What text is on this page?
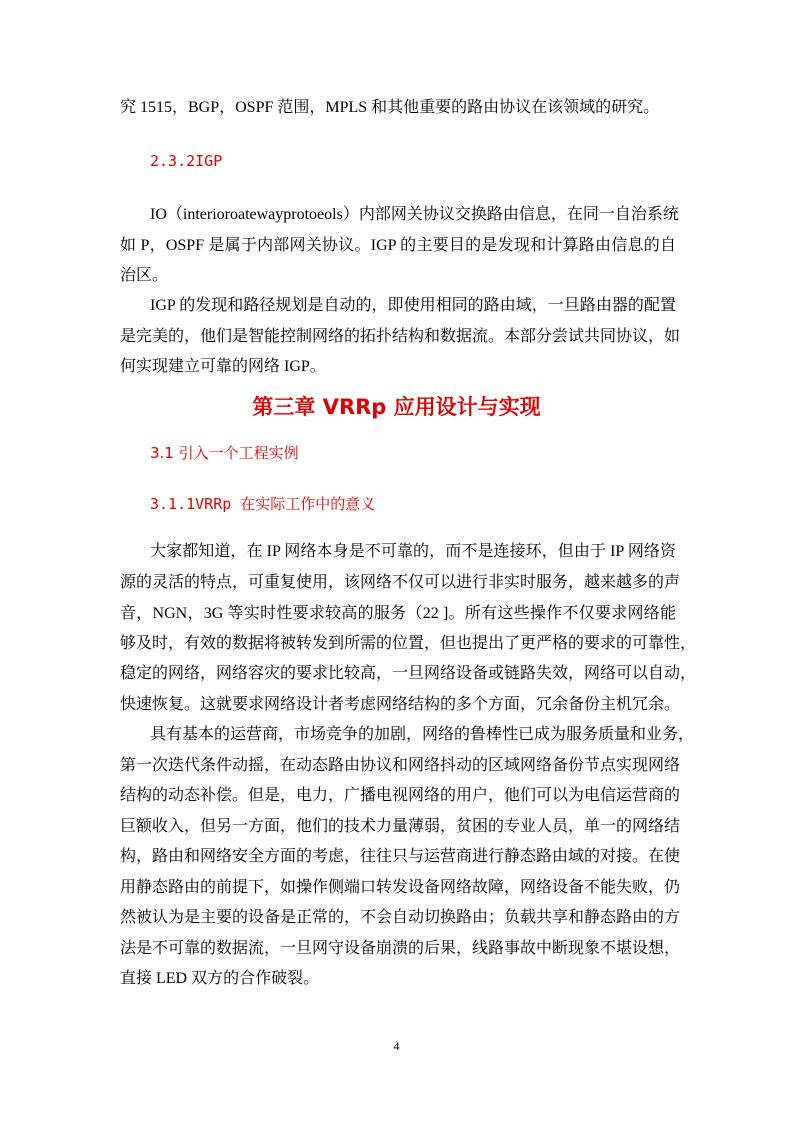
究 1515，BGP，OSPF 范围，MPLS 和其他重要的路由协议在该领域的研究。
2.3.2IGP
IO（interioroatewayprotoeols）内部网关协议交换路由信息，在同一自治系统
如 P，OSPF 是属于内部网关协议。IGP 的主要目的是发现和计算路由信息的自
治区。
IGP 的发现和路径规划是自动的，即使用相同的路由域，一旦路由器的配置
是完美的，他们是智能控制网络的拓扑结构和数据流。本部分尝试共同协议，如
何实现建立可靠的网络 IGP。
第三章 VRRp 应用设计与实现
3.1 引入一个工程实例
3.1.1VRRp 在实际工作中的意义
大家都知道，在 IP 网络本身是不可靠的，而不是连接环，但由于 IP 网络资
源的灵活的特点，可重复使用，该网络不仅可以进行非实时服务，越来越多的声
音，NGN，3G 等实时性要求较高的服务（22 ]。所有这些操作不仅要求网络能
够及时，有效的数据将被转发到所需的位置，但也提出了更严格的要求的可靠性，
稳定的网络，网络容灾的要求比较高，一旦网络设备或链路失效，网络可以自动，
快速恢复。这就要求网络设计者考虑网络结构的多个方面，冗余备份主机冗余。
具有基本的运营商，市场竞争的加剧，网络的鲁棒性已成为服务质量和业务，
第一次迭代条件动摇，在动态路由协议和网络抖动的区域网络备份节点实现网络
结构的动态补偿。但是，电力，广播电视网络的用户，他们可以为电信运营商的
巨额收入，但另一方面，他们的技术力量薄弱，贫困的专业人员，单一的网络结
构，路由和网络安全方面的考虑，往往只与运营商进行静态路由域的对接。在使
用静态路由的前提下，如操作侧端口转发设备网络故障，网络设备不能失败，仍
然被认为是主要的设备是正常的，不会自动切换路由；负载共享和静态路由的方
法是不可靠的数据流，一旦网守设备崩溃的后果，线路事故中断现象不堪设想，
直接 LED 双方的合作破裂。
4
